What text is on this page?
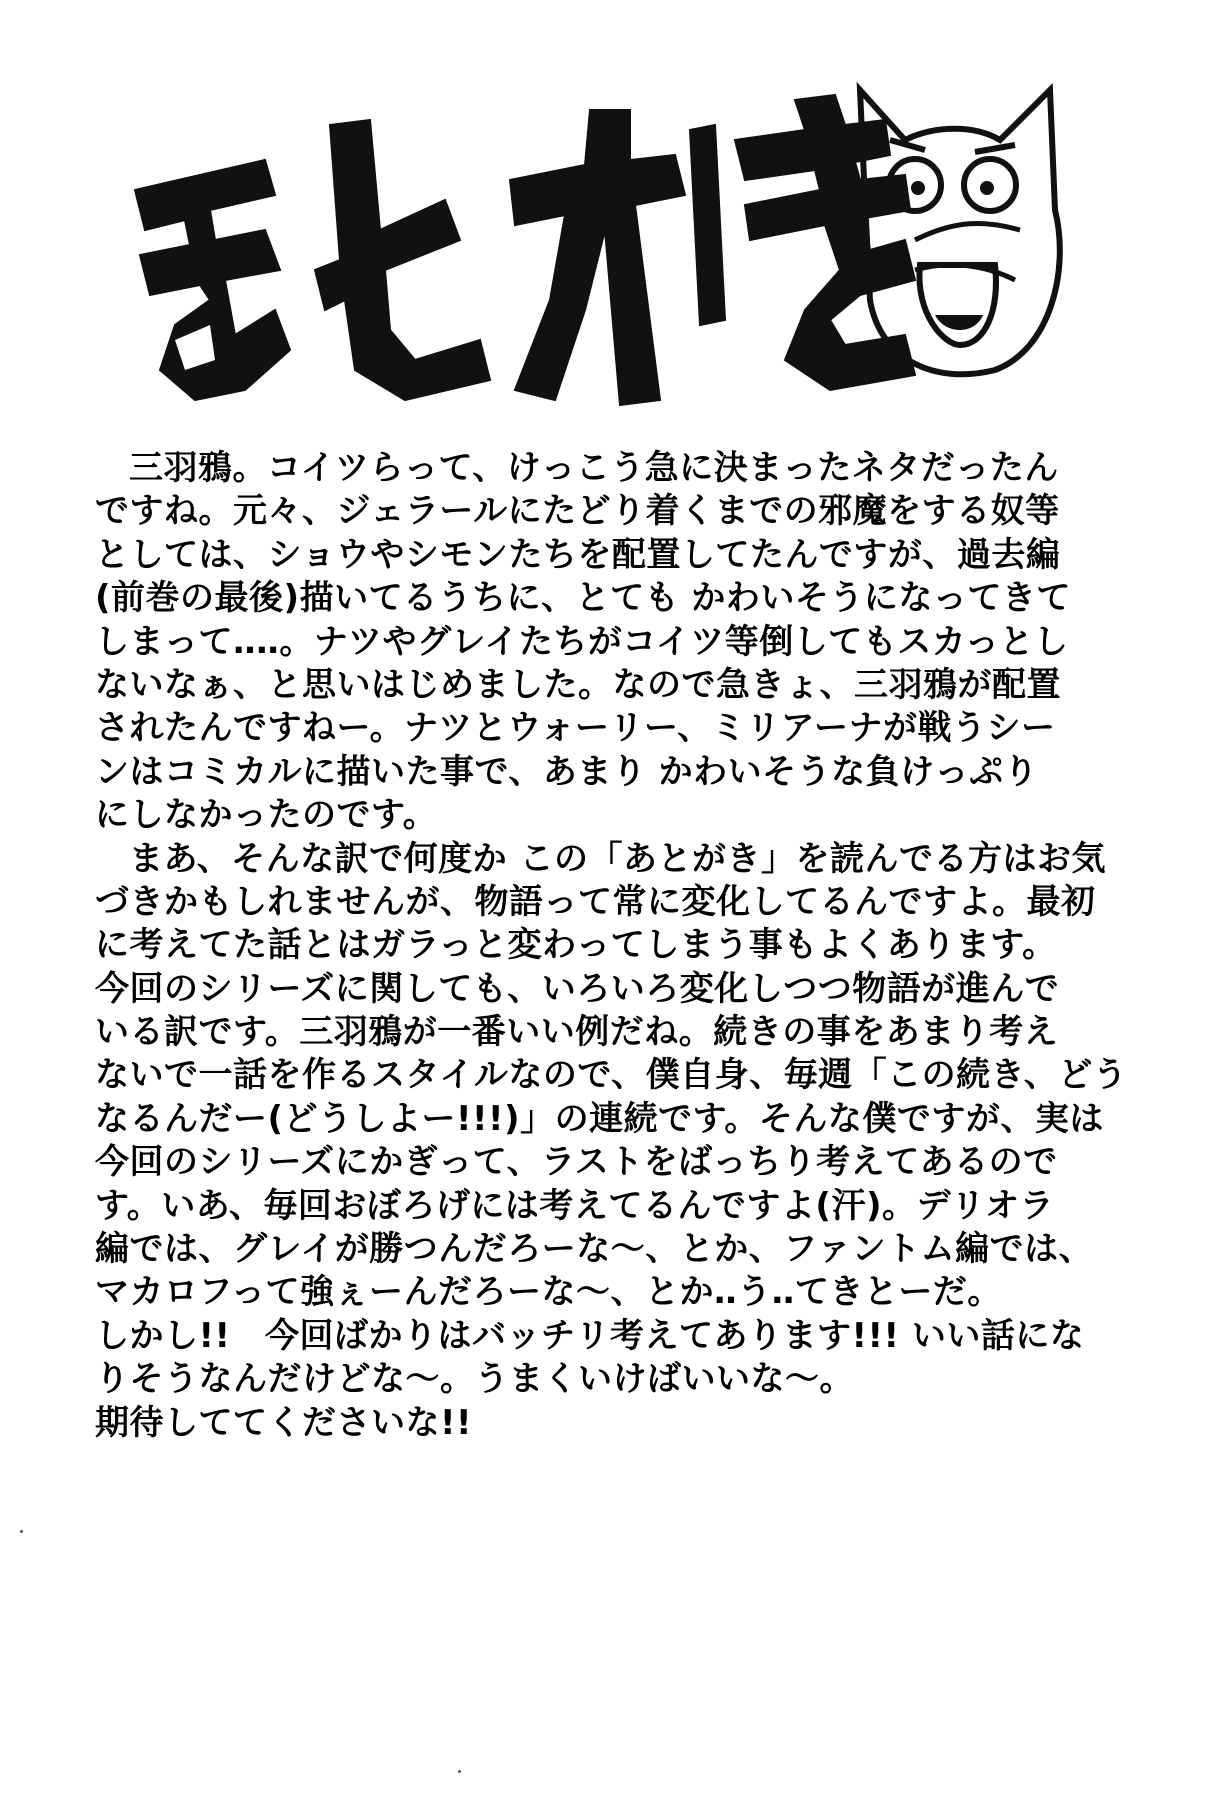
三羽鴉。コイツらって、けっこう急に決まったネタだったん
ですね。元々、ジェラールにたどり着くまでの邪魔をする奴等
としては、ショウやシモンたちを配置してたんですが、過去編
(前巻の最後)描いてるうちに、とても かわいそうになってきて
しまって‥‥。ナツやグレイたちがコイツ等倒してもスカっとし
ないなぁ、と思いはじめました。なので急きょ、三羽鴉が配置
されたんですねー。ナツとウォーリー、ミリアーナが戦うシー
ンはコミカルに描いた事で、あまり かわいそうな負けっぷり
にしなかったのです。
まあ、そんな訳で何度か この「あとがき」を読んでる方はお気
づきかもしれませんが、物語って常に変化してるんですよ。最初
に考えてた話とはガラっと変わってしまう事もよくあります。
今回のシリーズに関しても、いろいろ変化しつつ物語が進んで
いる訳です。三羽鴉が一番いい例だね。続きの事をあまり考え
ないで一話を作るスタイルなので、僕自身、毎週「この続き、どう
なるんだー(どうしよー!!!)」の連続です。そんな僕ですが、実は
今回のシリーズにかぎって、ラストをばっちり考えてあるので
す。いあ、毎回おぼろげには考えてるんですよ(汗)。デリオラ
編では、グレイが勝つんだろーな〜、とか、ファントム編では、
マカロフって強ぇーんだろーな〜、とか‥う‥てきとーだ。
しかし!!　今回ばかりはバッチリ考えてあります!!! いい話にな
りそうなんだけどな〜。うまくいけばいいな〜。
期待しててくださいな!!
